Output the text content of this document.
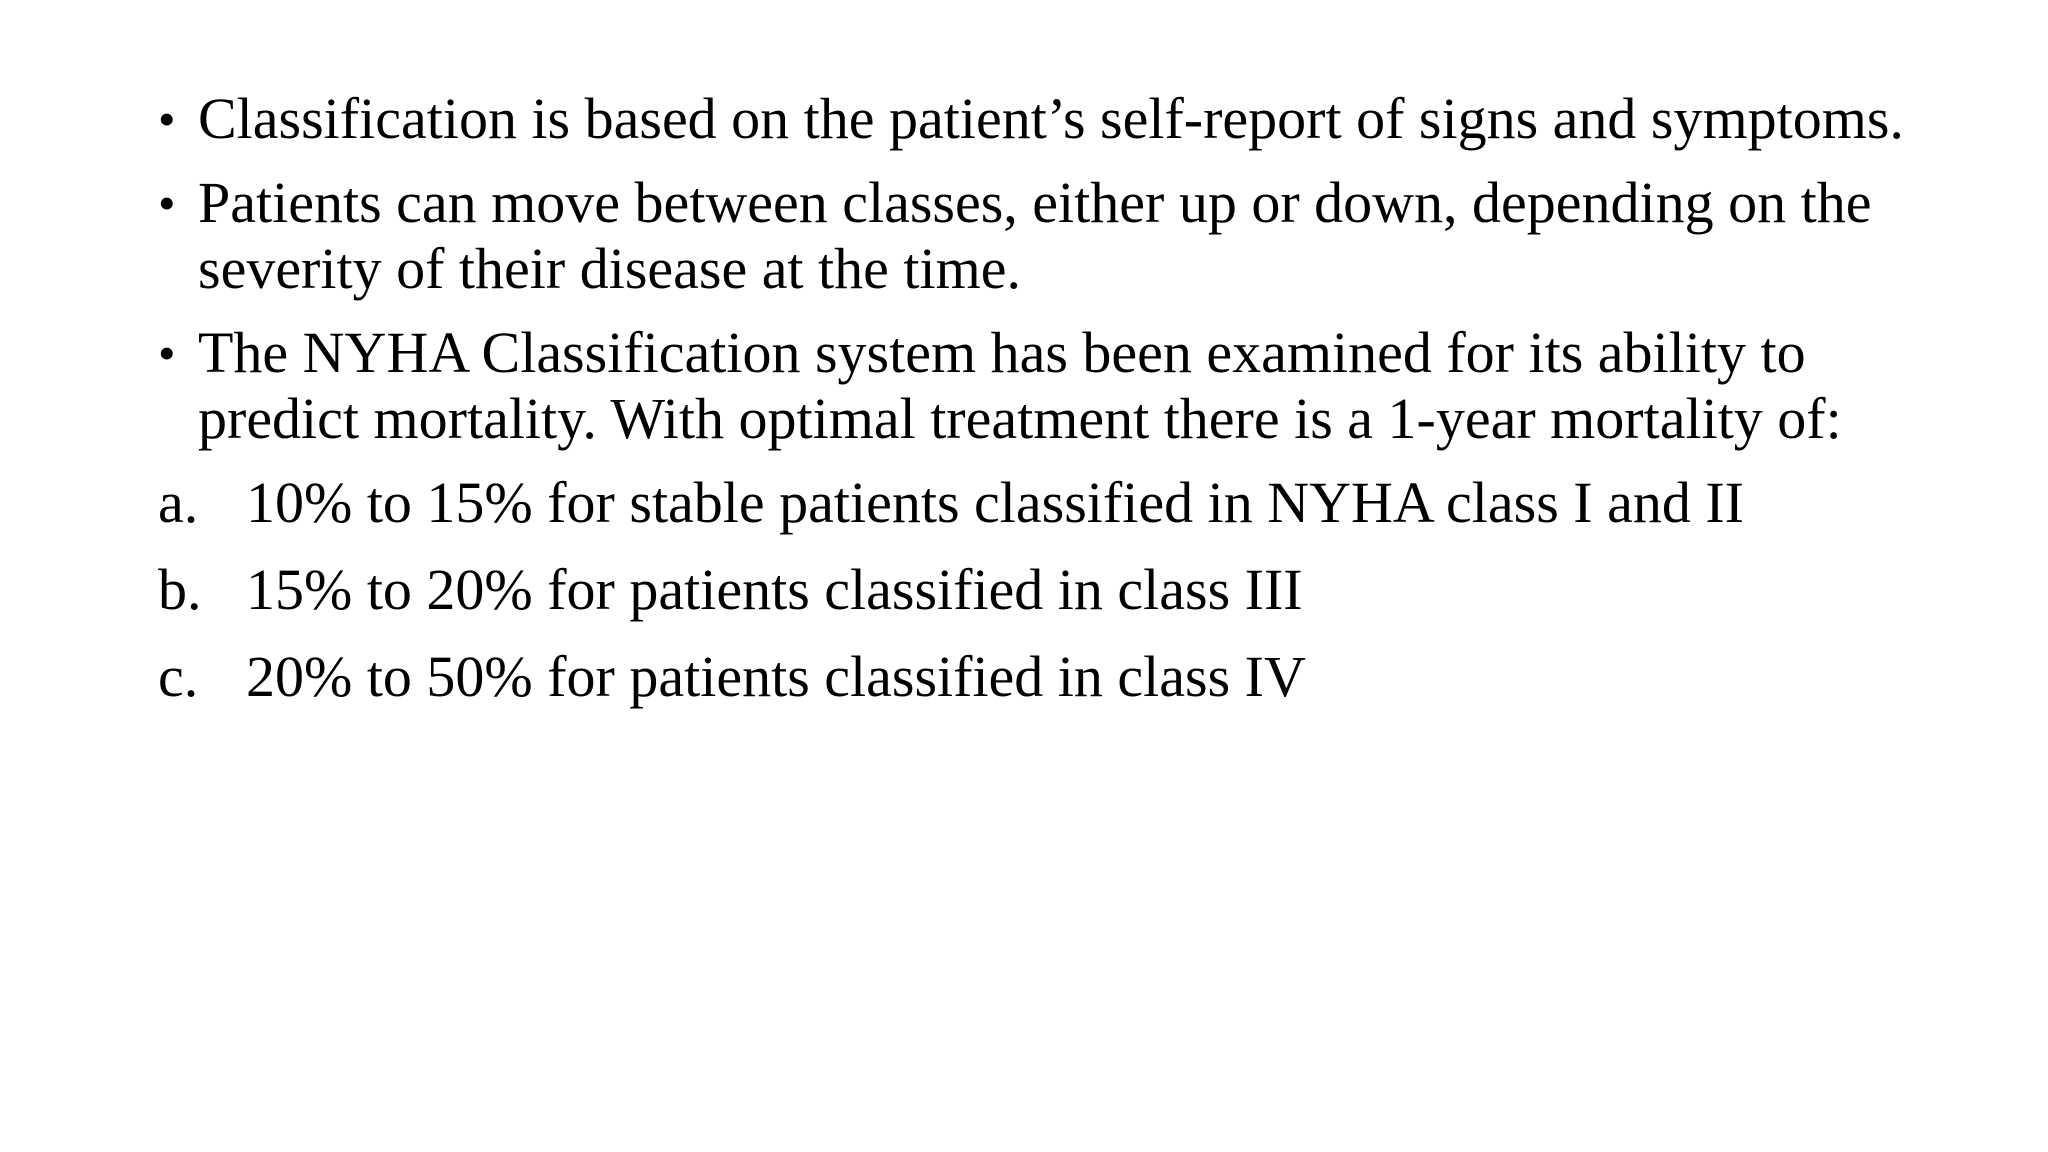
• Classification is based on the patient’s self-report of signs and symptoms.
• Patients can move between classes, either up or down, depending on the severity of their disease at the time.
• The NYHA Classification system has been examined for its ability to predict mortality. With optimal treatment there is a 1-year mortality of:
a. 10% to 15% for stable patients classified in NYHA class I and II
b. 15% to 20% for patients classified in class III
c. 20% to 50% for patients classified in class IV
